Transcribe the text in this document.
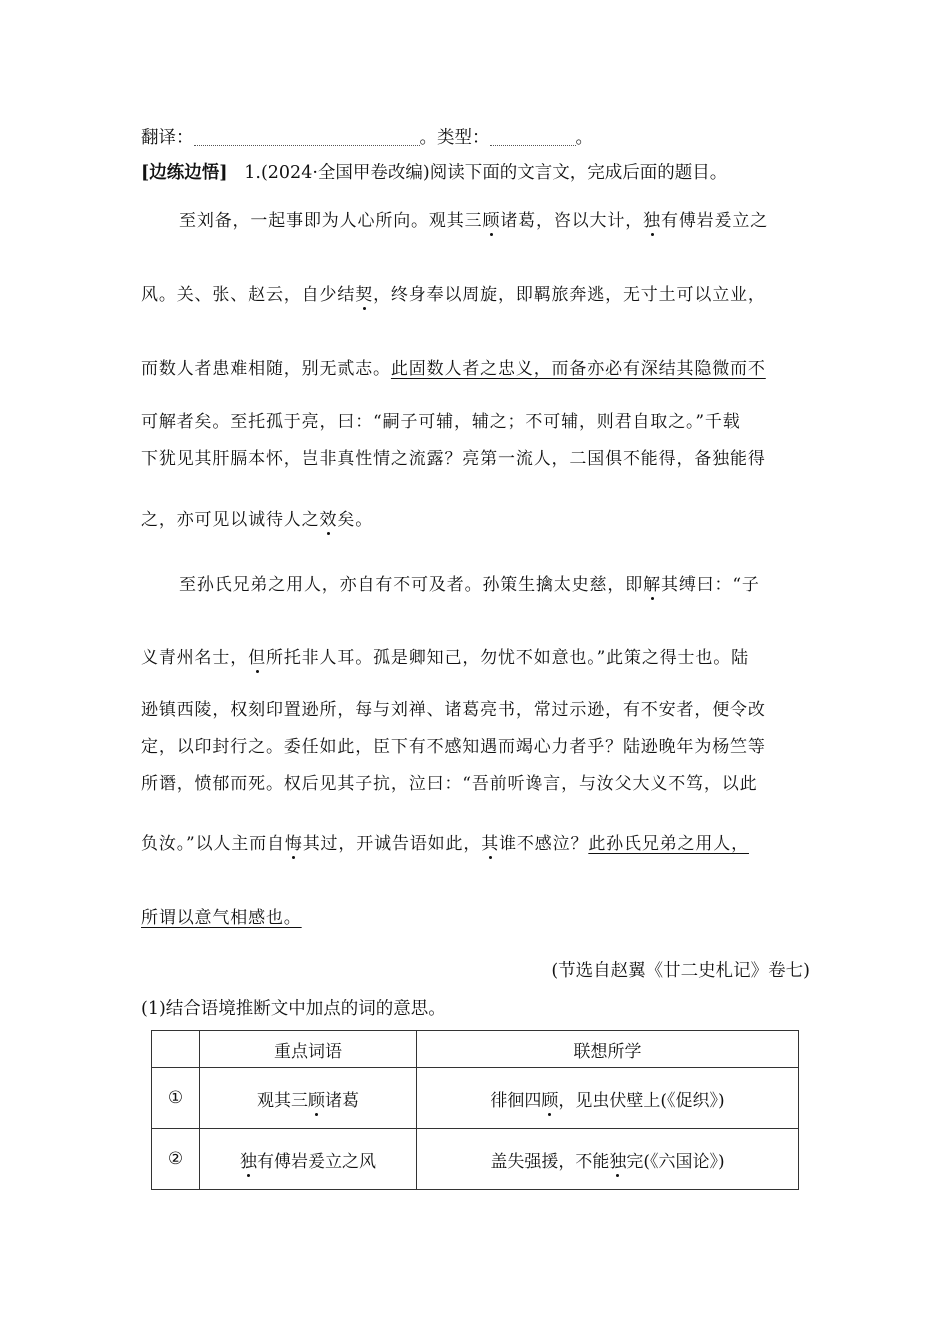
翻译：	。类型：	。
[边练边悟] 1.(2024·全国甲卷改编)阅读下面的文言文，完成后面的题目。
至刘备，一起事即为人心所向。观其三顾诸葛，咨以大计，独有傅岩爰立之
风。关、张、赵云，自少结契，终身奉以周旋，即羁旅奔逃，无寸土可以立业，
而数人者患难相随，别无贰志。此固数人者之忠义，而备亦必有深结其隐微而不
可解者矣。至托孤于亮，曰：“嗣子可辅，辅之；不可辅，则君自取之。”千载
下犹见其肝膈本怀，岂非真性情之流露？亮第一流人，二国俱不能得，备独能得
之，亦可见以诚待人之效矣。
至孙氏兄弟之用人，亦自有不可及者。孙策生擒太史慈，即解其缚曰：“子
义青州名士，但所托非人耳。孤是卿知己，勿忧不如意也。”此策之得士也。陆
逊镇西陵，权刻印置逊所，每与刘禅、诸葛亮书，常过示逊，有不安者，便令改
定，以印封行之。委任如此，臣下有不感知遇而竭心力者乎？陆逊晚年为杨竺等
所谮，愤郁而死。权后见其子抗，泣曰：“吾前听谗言，与汝父大义不笃，以此
负汝。”以人主而自悔其过，开诚告语如此，其谁不感泣？此孙氏兄弟之用人，
所谓以意气相感也。
(节选自赵翼《廿二史札记》卷七)
(1)结合语境推断文中加点的词的意思。
	重点词语	联想所学
①	观其三顾诸葛	徘徊四顾，见虫伏壁上(《促织》)
②	独有傅岩爰立之风	盖失强援，不能独完(《六国论》)
